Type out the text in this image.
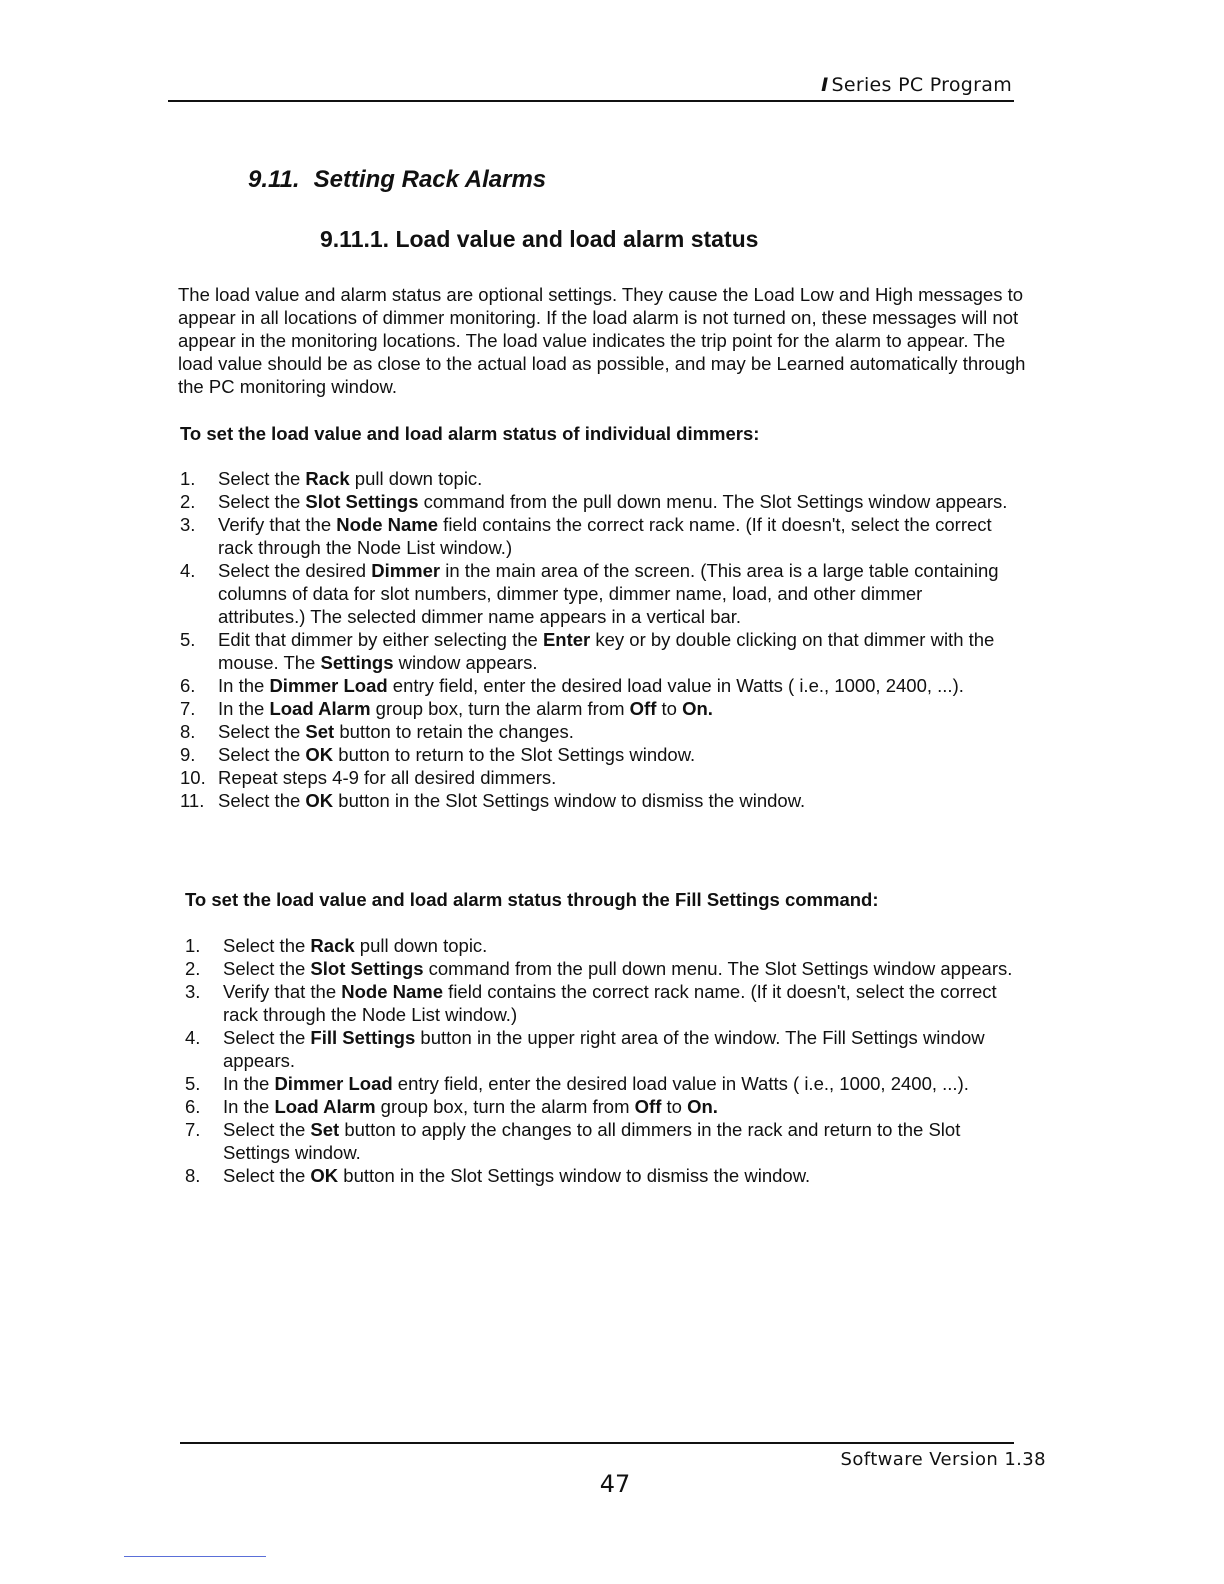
I Series PC Program
9.11. Setting Rack Alarms
9.11.1. Load value and load alarm status

The load value and alarm status are optional settings. They cause the Load Low and High messages to appear in all locations of dimmer monitoring. If the load alarm is not turned on, these messages will not appear in the monitoring locations. The load value indicates the trip point for the alarm to appear. The load value should be as close to the actual load as possible, and may be Learned automatically through the PC monitoring window.

To set the load value and load alarm status of individual dimmers:

1. Select the Rack pull down topic.
2. Select the Slot Settings command from the pull down menu. The Slot Settings window appears.
3. Verify that the Node Name field contains the correct rack name. (If it doesn't, select the correct rack through the Node List window.)
4. Select the desired Dimmer in the main area of the screen. (This area is a large table containing columns of data for slot numbers, dimmer type, dimmer name, load, and other dimmer attributes.) The selected dimmer name appears in a vertical bar.
5. Edit that dimmer by either selecting the Enter key or by double clicking on that dimmer with the mouse. The Settings window appears.
6. In the Dimmer Load entry field, enter the desired load value in Watts ( i.e., 1000, 2400, ...).
7. In the Load Alarm group box, turn the alarm from Off to On.
8. Select the Set button to retain the changes.
9. Select the OK button to return to the Slot Settings window.
10. Repeat steps 4-9 for all desired dimmers.
11. Select the OK button in the Slot Settings window to dismiss the window.

To set the load value and load alarm status through the Fill Settings command:

1. Select the Rack pull down topic.
2. Select the Slot Settings command from the pull down menu. The Slot Settings window appears.
3. Verify that the Node Name field contains the correct rack name. (If it doesn't, select the correct rack through the Node List window.)
4. Select the Fill Settings button in the upper right area of the window. The Fill Settings window appears.
5. In the Dimmer Load entry field, enter the desired load value in Watts ( i.e., 1000, 2400, ...).
6. In the Load Alarm group box, turn the alarm from Off to On.
7. Select the Set button to apply the changes to all dimmers in the rack and return to the Slot Settings window.
8. Select the OK button in the Slot Settings window to dismiss the window.
Software Version 1.38
47
